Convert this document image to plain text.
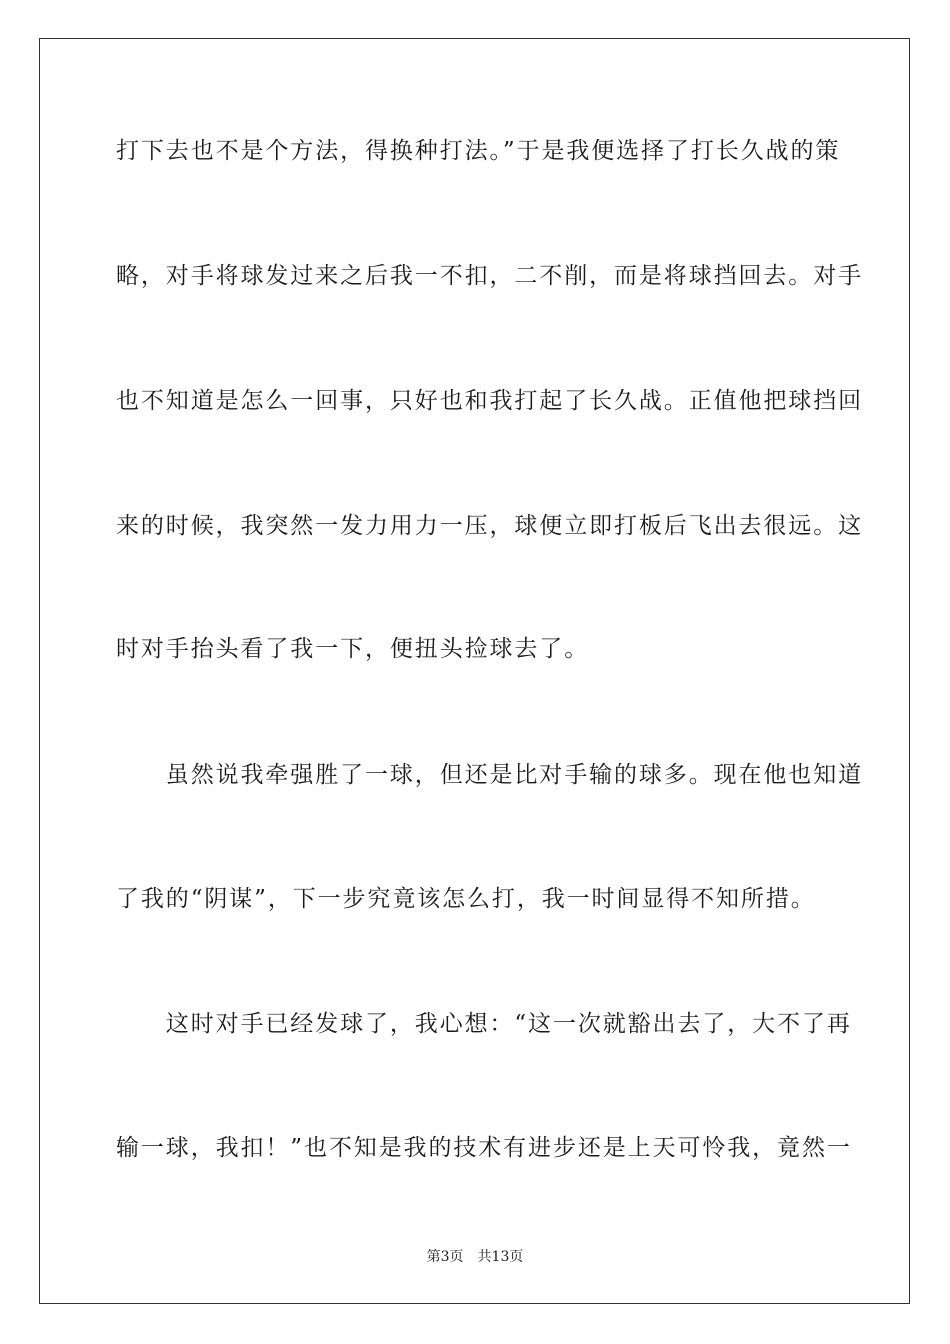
打下去也不是个方法，得换种打法。”于是我便选择了打长久战的策
略，对手将球发过来之后我一不扣，二不削，而是将球挡回去。对手
也不知道是怎么一回事，只好也和我打起了长久战。正值他把球挡回
来的时候，我突然一发力用力一压，球便立即打板后飞出去很远。这
时对手抬头看了我一下，便扭头捡球去了。
　　虽然说我牵强胜了一球，但还是比对手输的球多。现在他也知道
了我的“阴谋”，下一步究竟该怎么打，我一时间显得不知所措。
　　这时对手已经发球了，我心想：“这一次就豁出去了，大不了再
输一球，我扣！”也不知是我的技术有进步还是上天可怜我，竟然一
第3页 共13页
